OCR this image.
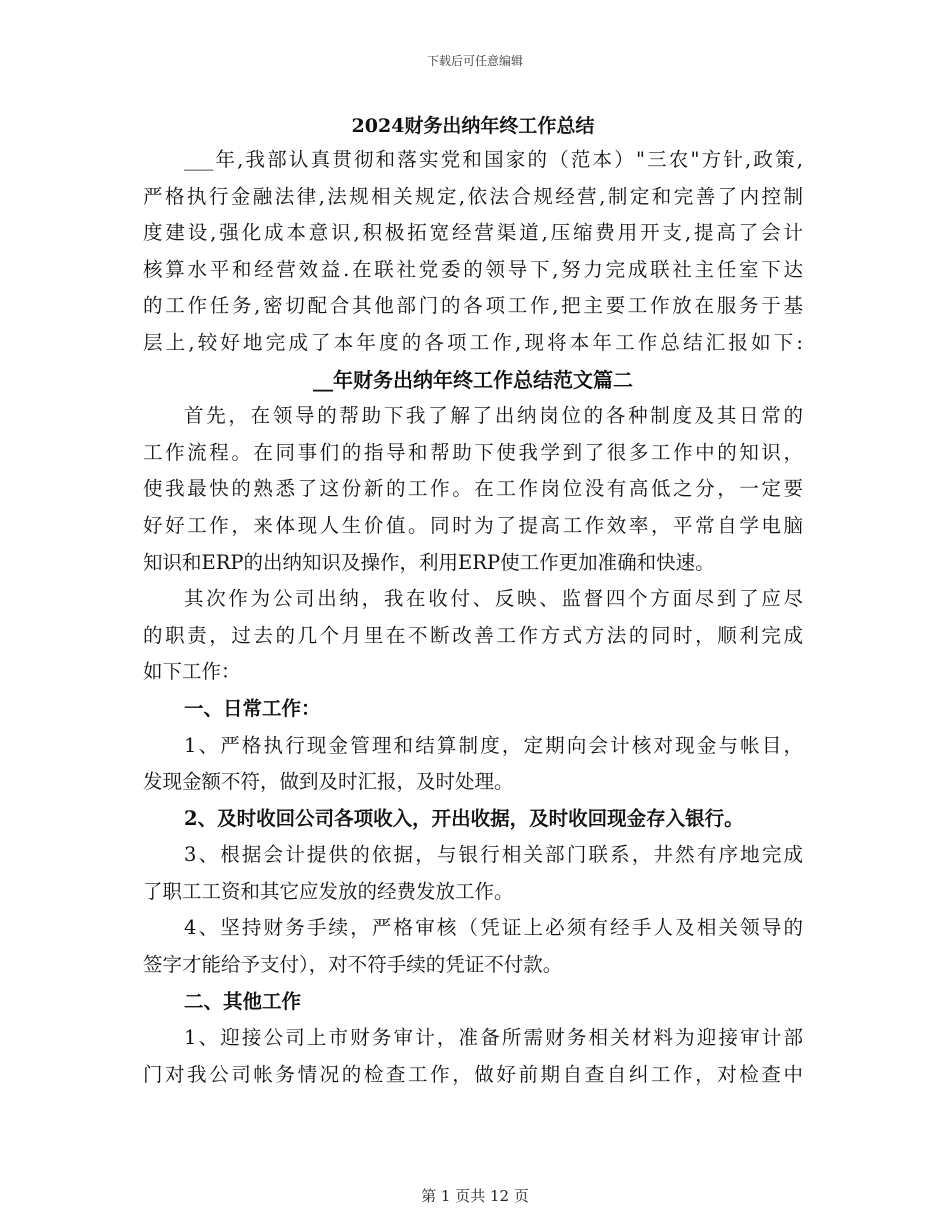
下载后可任意编辑
2024财务出纳年终工作总结
___年,我部认真贯彻和落实党和国家的（范本）"三农"方针,政策,
严格执行金融法律,法规相关规定,依法合规经营,制定和完善了内控制
度建设,强化成本意识,积极拓宽经营渠道,压缩费用开支,提高了会计
核算水平和经营效益.在联社党委的领导下,努力完成联社主任室下达
的工作任务,密切配合其他部门的各项工作,把主要工作放在服务于基
层上,较好地完成了本年度的各项工作,现将本年工作总结汇报如下:
__年财务出纳年终工作总结范文篇二
首先，在领导的帮助下我了解了出纳岗位的各种制度及其日常的
工作流程。在同事们的指导和帮助下使我学到了很多工作中的知识，
使我最快的熟悉了这份新的工作。在工作岗位没有高低之分，一定要
好好工作，来体现人生价值。同时为了提高工作效率，平常自学电脑
知识和ERP的出纳知识及操作，利用ERP使工作更加准确和快速。
其次作为公司出纳，我在收付、反映、监督四个方面尽到了应尽
的职责，过去的几个月里在不断改善工作方式方法的同时，顺利完成
如下工作：
一、日常工作：
1、严格执行现金管理和结算制度，定期向会计核对现金与帐目，
发现金额不符，做到及时汇报，及时处理。
2、及时收回公司各项收入，开出收据，及时收回现金存入银行。
3、根据会计提供的依据，与银行相关部门联系，井然有序地完成
了职工工资和其它应发放的经费发放工作。
4、坚持财务手续，严格审核（凭证上必须有经手人及相关领导的
签字才能给予支付），对不符手续的凭证不付款。
二、其他工作
1、迎接公司上市财务审计，准备所需财务相关材料为迎接审计部
门对我公司帐务情况的检查工作，做好前期自查自纠工作，对检查中
第 1 页共 12 页
